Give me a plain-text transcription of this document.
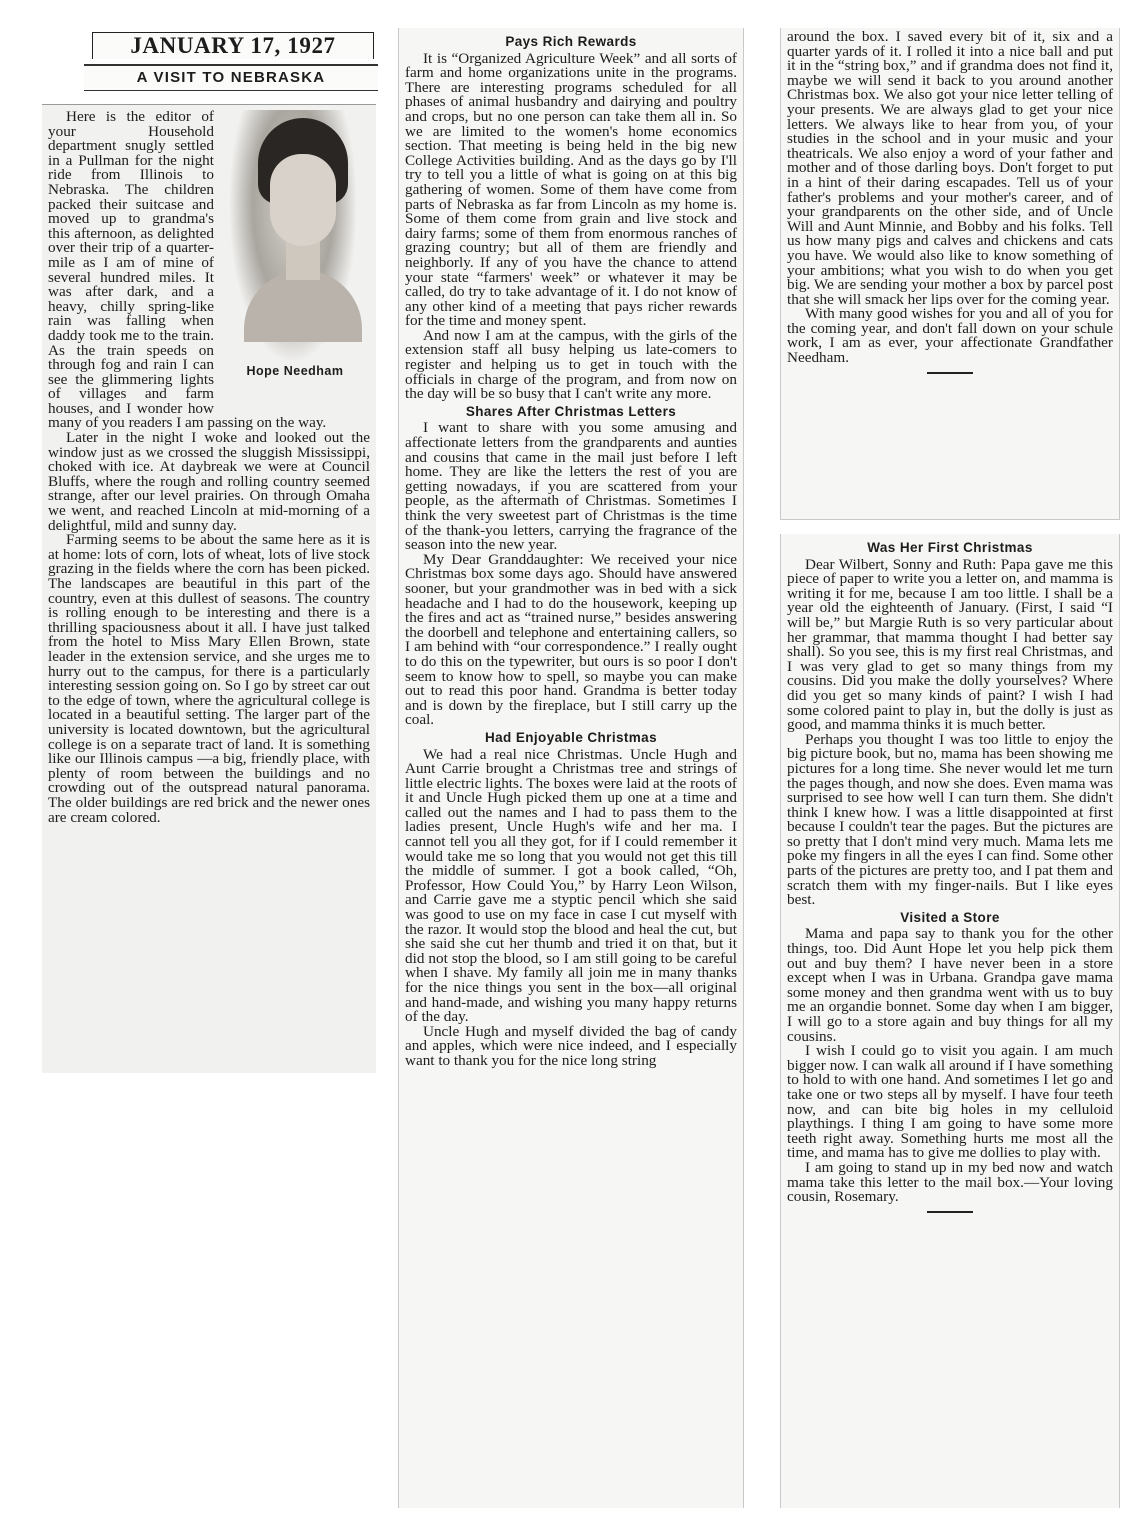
JANUARY 17, 1927
A VISIT TO NEBRASKA
Hope Needham

Here is the editor of your Household department snugly settled in a Pullman for the night ride from Illinois to Nebraska. The children packed their suitcase and moved up to grandma's this afternoon, as delighted over their trip of a quarter-mile as I am of mine of several hundred miles. It was after dark, and a heavy, chilly spring-like rain was falling when daddy took me to the train. As the train speeds on through fog and rain I can see the glimmering lights of villages and farm houses, and I wonder how many of you readers I am passing on the way.

Later in the night I woke and looked out the window just as we crossed the sluggish Mississippi, choked with ice. At daybreak we were at Council Bluffs, where the rough and rolling country seemed strange, after our level prairies. On through Omaha we went, and reached Lincoln at mid-morning of a delightful, mild and sunny day.

Farming seems to be about the same here as it is at home: lots of corn, lots of wheat, lots of live stock grazing in the fields where the corn has been picked. The landscapes are beautiful in this part of the country, even at this dullest of seasons. The country is rolling enough to be interesting and there is a thrilling spaciousness about it all. I have just talked from the hotel to Miss Mary Ellen Brown, state leader in the extension service, and she urges me to hurry out to the campus, for there is a particularly interesting session going on. So I go by street car out to the edge of town, where the agricultural college is located in a beautiful setting. The larger part of the university is located downtown, but the agricultural college is on a separate tract of land. It is something like our Illinois campus —a big, friendly place, with plenty of room between the buildings and no crowding out of the outspread natural panorama. The older buildings are red brick and the newer ones are cream colored.

Pays Rich Rewards

It is “Organized Agriculture Week” and all sorts of farm and home organizations unite in the programs. There are interesting programs scheduled for all phases of animal husbandry and dairying and poultry and crops, but no one person can take them all in. So we are limited to the women's home economics section. That meeting is being held in the big new College Activities building. And as the days go by I'll try to tell you a little of what is going on at this big gathering of women. Some of them have come from parts of Nebraska as far from Lincoln as my home is. Some of them come from grain and live stock and dairy farms; some of them from enormous ranches of grazing country; but all of them are friendly and neighborly. If any of you have the chance to attend your state “farmers' week” or whatever it may be called, do try to take advantage of it. I do not know of any other kind of a meeting that pays richer rewards for the time and money spent.

And now I am at the campus, with the girls of the extension staff all busy helping us late-comers to register and helping us to get in touch with the officials in charge of the program, and from now on the day will be so busy that I can't write any more.

Shares After Christmas Letters

I want to share with you some amusing and affectionate letters from the grandparents and aunties and cousins that came in the mail just before I left home. They are like the letters the rest of you are getting nowadays, if you are scattered from your people, as the aftermath of Christmas. Sometimes I think the very sweetest part of Christmas is the time of the thank-you letters, carrying the fragrance of the season into the new year.

My Dear Granddaughter: We received your nice Christmas box some days ago. Should have answered sooner, but your grandmother was in bed with a sick headache and I had to do the housework, keeping up the fires and act as “trained nurse,” besides answering the doorbell and telephone and entertaining callers, so I am behind with “our correspondence.” I really ought to do this on the typewriter, but ours is so poor I don't seem to know how to spell, so maybe you can make out to read this poor hand. Grandma is better today and is down by the fireplace, but I still carry up the coal.

Had Enjoyable Christmas

We had a real nice Christmas. Uncle Hugh and Aunt Carrie brought a Christmas tree and strings of little electric lights. The boxes were laid at the roots of it and Uncle Hugh picked them up one at a time and called out the names and I had to pass them to the ladies present, Uncle Hugh's wife and her ma. I cannot tell you all they got, for if I could remember it would take me so long that you would not get this till the middle of summer. I got a book called, “Oh, Professor, How Could You,” by Harry Leon Wilson, and Carrie gave me a styptic pencil which she said was good to use on my face in case I cut myself with the razor. It would stop the blood and heal the cut, but she said she cut her thumb and tried it on that, but it did not stop the blood, so I am still going to be careful when I shave. My family all join me in many thanks for the nice things you sent in the box—all original and hand-made, and wishing you many happy returns of the day.

Uncle Hugh and myself divided the bag of candy and apples, which were nice indeed, and I especially want to thank you for the nice long string

around the box. I saved every bit of it, six and a quarter yards of it. I rolled it into a nice ball and put it in the “string box,” and if grandma does not find it, maybe we will send it back to you around another Christmas box. We also got your nice letter telling of your presents. We are always glad to get your nice letters. We always like to hear from you, of your studies in the school and in your music and your theatricals. We also enjoy a word of your father and mother and of those darling boys. Don't forget to put in a hint of their daring escapades. Tell us of your father's problems and your mother's career, and of your grandparents on the other side, and of Uncle Will and Aunt Minnie, and Bobby and his folks. Tell us how many pigs and calves and chickens and cats you have. We would also like to know something of your ambitions; what you wish to do when you get big. We are sending your mother a box by parcel post that she will smack her lips over for the coming year.

With many good wishes for you and all of you for the coming year, and don't fall down on your schule work, I am as ever, your affectionate Grandfather Needham.

Was Her First Christmas

Dear Wilbert, Sonny and Ruth: Papa gave me this piece of paper to write you a letter on, and mamma is writing it for me, because I am too little. I shall be a year old the eighteenth of January. (First, I said “I will be,” but Margie Ruth is so very particular about her grammar, that mamma thought I had better say shall). So you see, this is my first real Christmas, and I was very glad to get so many things from my cousins. Did you make the dolly yourselves? Where did you get so many kinds of paint? I wish I had some colored paint to play in, but the dolly is just as good, and mamma thinks it is much better.

Perhaps you thought I was too little to enjoy the big picture book, but no, mama has been showing me pictures for a long time. She never would let me turn the pages though, and now she does. Even mama was surprised to see how well I can turn them. She didn't think I knew how. I was a little disappointed at first because I couldn't tear the pages. But the pictures are so pretty that I don't mind very much. Mama lets me poke my fingers in all the eyes I can find. Some other parts of the pictures are pretty too, and I pat them and scratch them with my finger-nails. But I like eyes best.

Visited a Store

Mama and papa say to thank you for the other things, too. Did Aunt Hope let you help pick them out and buy them? I have never been in a store except when I was in Urbana. Grandpa gave mama some money and then grandma went with us to buy me an organdie bonnet. Some day when I am bigger, I will go to a store again and buy things for all my cousins.

I wish I could go to visit you again. I am much bigger now. I can walk all around if I have something to hold to with one hand. And sometimes I let go and take one or two steps all by myself. I have four teeth now, and can bite big holes in my celluloid playthings. I thing I am going to have some more teeth right away. Something hurts me most all the time, and mama has to give me dollies to play with.

I am going to stand up in my bed now and watch mama take this letter to the mail box.—Your loving cousin, Rosemary.
